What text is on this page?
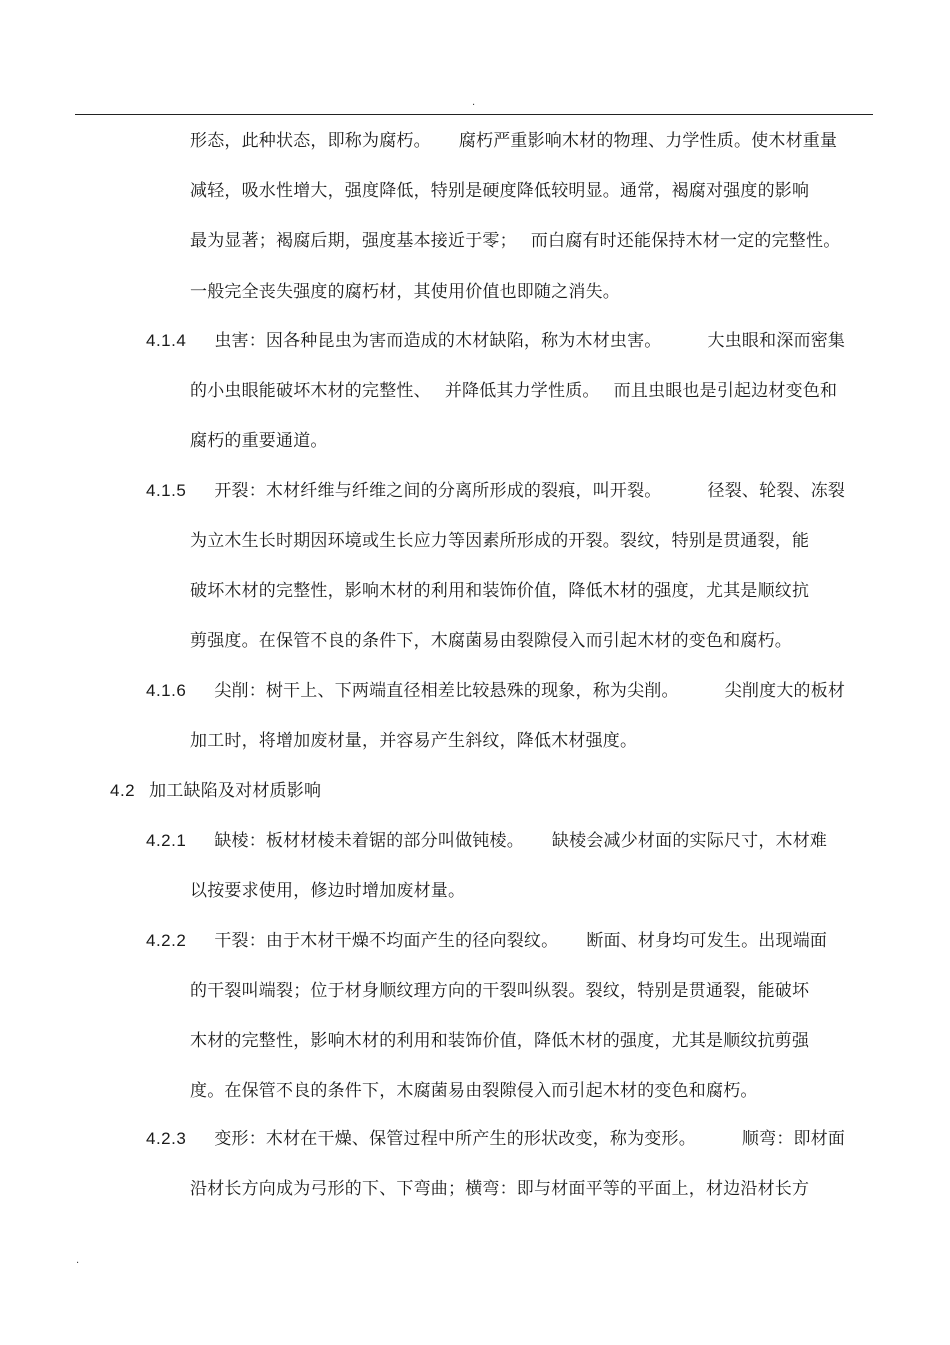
.
形态，此种状态，即称为腐朽。 腐朽严重影响木材的物理、力学性质。使木材重量
减轻，吸水性增大，强度降低，特别是硬度降低较明显。通常，褐腐对强度的影响
最为显著；褐腐后期，强度基本接近于零； 而白腐有时还能保持木材一定的完整性。
一般完全丧失强度的腐朽材，其使用价值也即随之消失。
4.1.4 虫害：因各种昆虫为害而造成的木材缺陷，称为木材虫害。	大虫眼和深而密集
的小虫眼能破坏木材的完整性、 并降低其力学性质。 而且虫眼也是引起边材变色和
腐朽的重要通道。
4.1.5 开裂：木材纤维与纤维之间的分离所形成的裂痕，叫开裂。	径裂、轮裂、冻裂
为立木生长时期因环境或生长应力等因素所形成的开裂。裂纹，特别是贯通裂，能
破坏木材的完整性，影响木材的利用和装饰价值，降低木材的强度，尤其是顺纹抗
剪强度。在保管不良的条件下，木腐菌易由裂隙侵入而引起木材的变色和腐朽。
4.1.6 尖削：树干上、下两端直径相差比较悬殊的现象，称为尖削。	尖削度大的板材
加工时，将增加废材量，并容易产生斜纹，降低木材强度。
4.2 加工缺陷及对材质影响
4.2.1 缺棱：板材材棱未着锯的部分叫做钝棱。 缺棱会减少材面的实际尺寸，木材难
以按要求使用，修边时增加废材量。
4.2.2 干裂：由于木材干燥不均面产生的径向裂纹。 断面、材身均可发生。出现端面
的干裂叫端裂；位于材身顺纹理方向的干裂叫纵裂。裂纹，特别是贯通裂，能破坏
木材的完整性，影响木材的利用和装饰价值，降低木材的强度，尤其是顺纹抗剪强
度。在保管不良的条件下，木腐菌易由裂隙侵入而引起木材的变色和腐朽。
4.2.3 变形：木材在干燥、保管过程中所产生的形状改变，称为变形。	顺弯：即材面
沿材长方向成为弓形的下、下弯曲；横弯：即与材面平等的平面上，材边沿材长方
.
